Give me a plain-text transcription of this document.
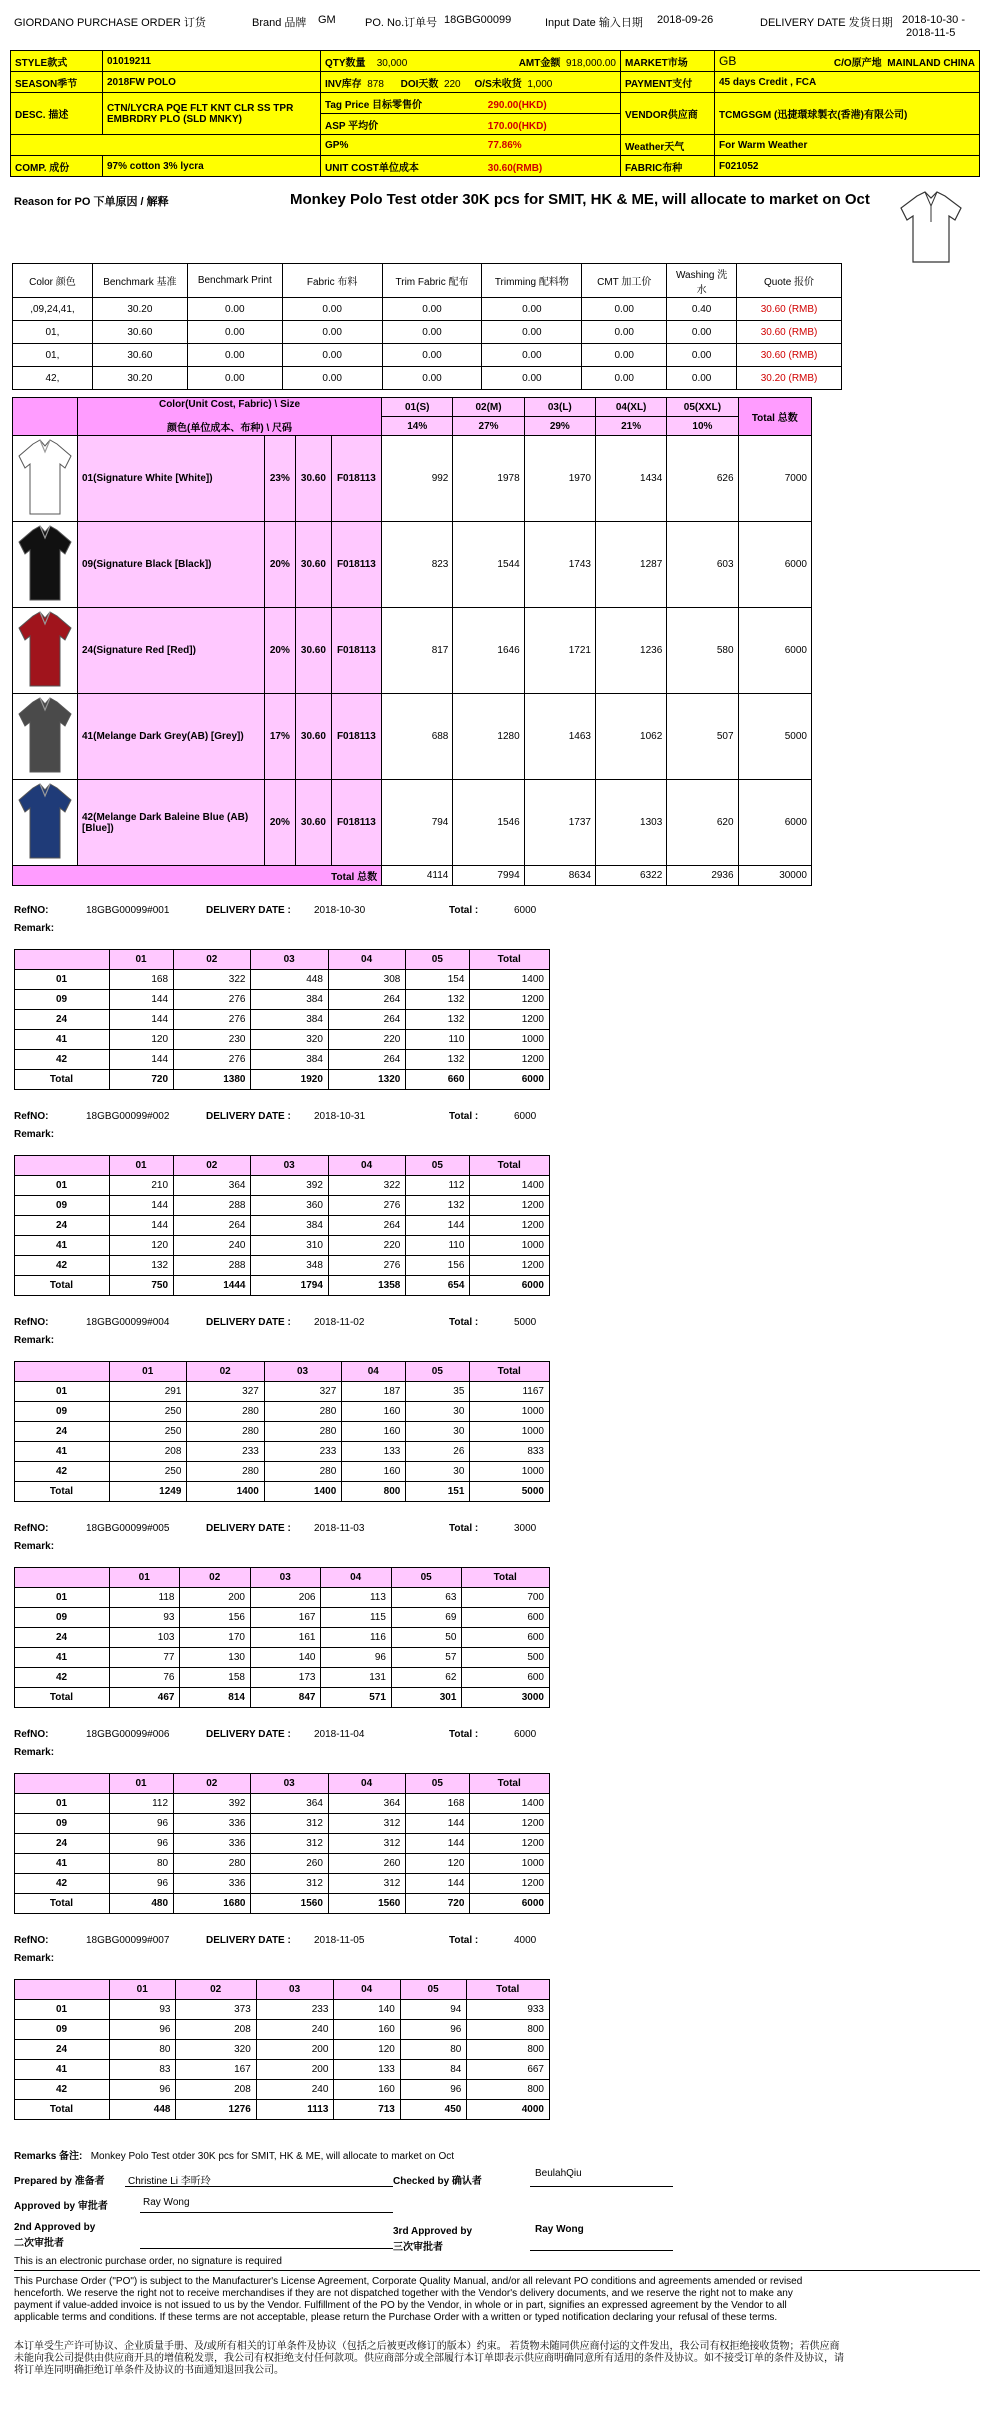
GIORDANO PURCHASE ORDER 订货	Brand 品牌 GM	PO. No.订单号 18GBG00099	Input Date 输入日期 2018-09-26	DELIVERY DATE 发货日期 2018-10-30 -
2018-11-5
STYLE款式	01019211	QTY数量 30,000 AMT金额 918,000.00	MARKET市场	GB C/O原产地 MAINLAND CHINA

SEASON季节	2018FW POLO	INV库存 878 DOI天数 220 O/S未收货 1,000	PAYMENT支付	45 days Credit , FCA
DESC. 描述	CTN/LYCRA PQE FLT KNT CLR SS TPR EMBRDRY PLO (SLD MNKY)	Tag Price 目标零售价 290.00(HKD)	VENDOR供应商	TCMGSGM (迅捷環球製衣(香港)有限公司)
		ASP 平均价 170.00(HKD)		
		GP% 77.86%	Weather天气	For Warm Weather
COMP. 成份	97% cotton 3% lycra	UNIT COST单位成本 30.60(RMB)	FABRIC布种	F021052
Reason for PO 下单原因 / 解释	Monkey Polo Test otder 30K pcs for SMIT, HK & ME, will allocate to market on Oct
Color 颜色	Benchmark 基准	Benchmark Print	Fabric 布料	Trim Fabric 配布	Trimming 配料物	CMT 加工价	Washing 洗水	Quote 报价
,09,24,41,	30.20	0.00	0.00	0.00	0.00	0.00	0.40	30.60 (RMB)
01,	30.60	0.00	0.00	0.00	0.00	0.00	0.00	30.60 (RMB)
01,	30.60	0.00	0.00	0.00	0.00	0.00	0.00	30.60 (RMB)
42,	30.20	0.00	0.00	0.00	0.00	0.00	0.00	30.20 (RMB)

	Color(Unit Cost, Fabric) \ Size
颜色(单位成本、布种) \ 尺码				01(S)	02(M)	03(L)	04(XL)	05(XXL)	Total 总数
					14%	27%	29%	21%	10%	
	01(Signature White [White])	23%	30.60	F018113	992	1978	1970	1434	626	7000
	09(Signature Black [Black])	20%	30.60	F018113	823	1544	1743	1287	603	6000
	24(Signature Red [Red])	20%	30.60	F018113	817	1646	1721	1236	580	6000
	41(Melange Dark Grey(AB) [Grey])	17%	30.60	F018113	688	1280	1463	1062	507	5000
	42(Melange Dark Baleine Blue (AB)[Blue])	20%	30.60	F018113	794	1546	1737	1303	620	6000
Total 总数					4114	7994	8634	6322	2936	30000
RefNO:	18GBG00099#001	DELIVERY DATE : 2018-10-30	Total :	6000
Remark:
	01	02	03	04	05	Total
01	168	322	448	308	154	1400
09	144	276	384	264	132	1200
24	144	276	384	264	132	1200
41	120	230	320	220	110	1000
42	144	276	384	264	132	1200
Total	720	1380	1920	1320	660	6000
RefNO:	18GBG00099#002	DELIVERY DATE : 2018-10-31	Total :	6000
Remark:
	01	02	03	04	05	Total
01	210	364	392	322	112	1400
09	144	288	360	276	132	1200
24	144	264	384	264	144	1200
41	120	240	310	220	110	1000
42	132	288	348	276	156	1200
Total	750	1444	1794	1358	654	6000
RefNO:	18GBG00099#004	DELIVERY DATE : 2018-11-02	Total :	5000
Remark:
	01	02	03	04	05	Total
01	291	327	327	187	35	1167
09	250	280	280	160	30	1000
24	250	280	280	160	30	1000
41	208	233	233	133	26	833
42	250	280	280	160	30	1000
Total	1249	1400	1400	800	151	5000
RefNO:	18GBG00099#005	DELIVERY DATE : 2018-11-03	Total :	3000
Remark:
	01	02	03	04	05	Total
01	118	200	206	113	63	700
09	93	156	167	115	69	600
24	103	170	161	116	50	600
41	77	130	140	96	57	500
42	76	158	173	131	62	600
Total	467	814	847	571	301	3000
RefNO:	18GBG00099#006	DELIVERY DATE : 2018-11-04	Total :	6000
Remark:
	01	02	03	04	05	Total
01	112	392	364	364	168	1400
09	96	336	312	312	144	1200
24	96	336	312	312	144	1200
41	80	280	260	260	120	1000
42	96	336	312	312	144	1200
Total	480	1680	1560	1560	720	6000
RefNO:	18GBG00099#007	DELIVERY DATE : 2018-11-05	Total :	4000
Remark:
	01	02	03	04	05	Total
01	93	373	233	140	94	933
09	96	208	240	160	96	800
24	80	320	200	120	80	800
41	83	167	200	133	84	667
42	96	208	240	160	96	800
Total	448	1276	1113	713	450	4000
Remarks 备注: Monkey Polo Test otder 30K pcs for SMIT, HK & ME, will allocate to market on Oct
Prepared by 准备者 Christine Li 李昕玲	Checked by 确认者
BeulahQiu
Approved by 审批者	Ray Wong
2nd Approved by
二次审批者
3rd Approved by
三次审批者
Ray Wong
This is an electronic purchase order, no signature is required
This Purchase Order ("PO") is subject to the Manufacturer's License Agreement, Corporate Quality Manual, and/or all relevant PO conditions and agreements amended or revised henceforth. We reserve the right not to receive merchandises if they are not dispatched together with the Vendor's delivery documents, and we reserve the right not to make any payment if value-added invoice is not issued to us by the Vendor. Fulfillment of the PO by the Vendor, in whole or in part, signifies an expressed agreement by the Vendor to all applicable terms and conditions. If these terms are not acceptable, please return the Purchase Order with a written or typed notification declaring your refusal of these terms.
本订单受生产许可协议、企业质量手册、及/或所有相关的订单条件及协议（包括之后被更改修订的版本）约束。 若货物未随同供应商付运的文件发出，我公司有权拒绝接收货物；若供应商未能向我公司提供由供应商开具的增值税发票，我公司有权拒绝支付任何款项。供应商部分或全部履行本订单即表示供应商明确同意所有适用的条件及协议。如不接受订单的条件及协议，请将订单连同明确拒绝订单条件及协议的书面通知退回我公司。
